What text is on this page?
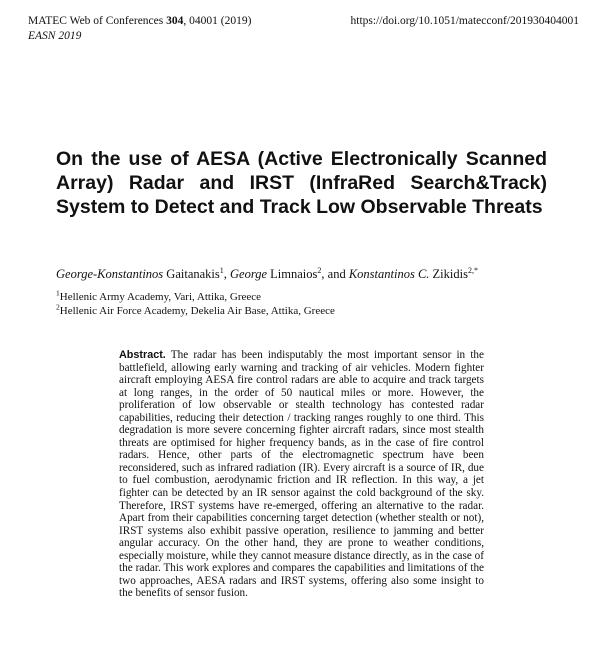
MATEC Web of Conferences 304, 04001 (2019)
EASN 2019
https://doi.org/10.1051/matecconf/201930404001
On the use of AESA (Active Electronically Scanned Array) Radar and IRST (InfraRed Search&Track) System to Detect and Track Low Observable Threats
George-Konstantinos Gaitanakis$^1$, George Limnaios$^2$, and Konstantinos C. Zikidis$^{2,*}$
$^1$Hellenic Army Academy, Vari, Attika, Greece
$^2$Hellenic Air Force Academy, Dekelia Air Base, Attika, Greece
Abstract. The radar has been indisputably the most important sensor in the battlefield, allowing early warning and tracking of air vehicles. Modern fighter aircraft employing AESA fire control radars are able to acquire and track targets at long ranges, in the order of 50 nautical miles or more. However, the proliferation of low observable or stealth technology has contested radar capabilities, reducing their detection / tracking ranges roughly to one third. This degradation is more severe concerning fighter aircraft radars, since most stealth threats are optimised for higher frequency bands, as in the case of fire control radars. Hence, other parts of the electromagnetic spectrum have been reconsidered, such as infrared radiation (IR). Every aircraft is a source of IR, due to fuel combustion, aerodynamic friction and IR reflection. In this way, a jet fighter can be detected by an IR sensor against the cold background of the sky. Therefore, IRST systems have re-emerged, offering an alternative to the radar. Apart from their capabilities concerning target detection (whether stealth or not), IRST systems also exhibit passive operation, resilience to jamming and better angular accuracy. On the other hand, they are prone to weather conditions, especially moisture, while they cannot measure distance directly, as in the case of the radar. This work explores and compares the capabilities and limitations of the two approaches, AESA radars and IRST systems, offering also some insight to the benefits of sensor fusion.
